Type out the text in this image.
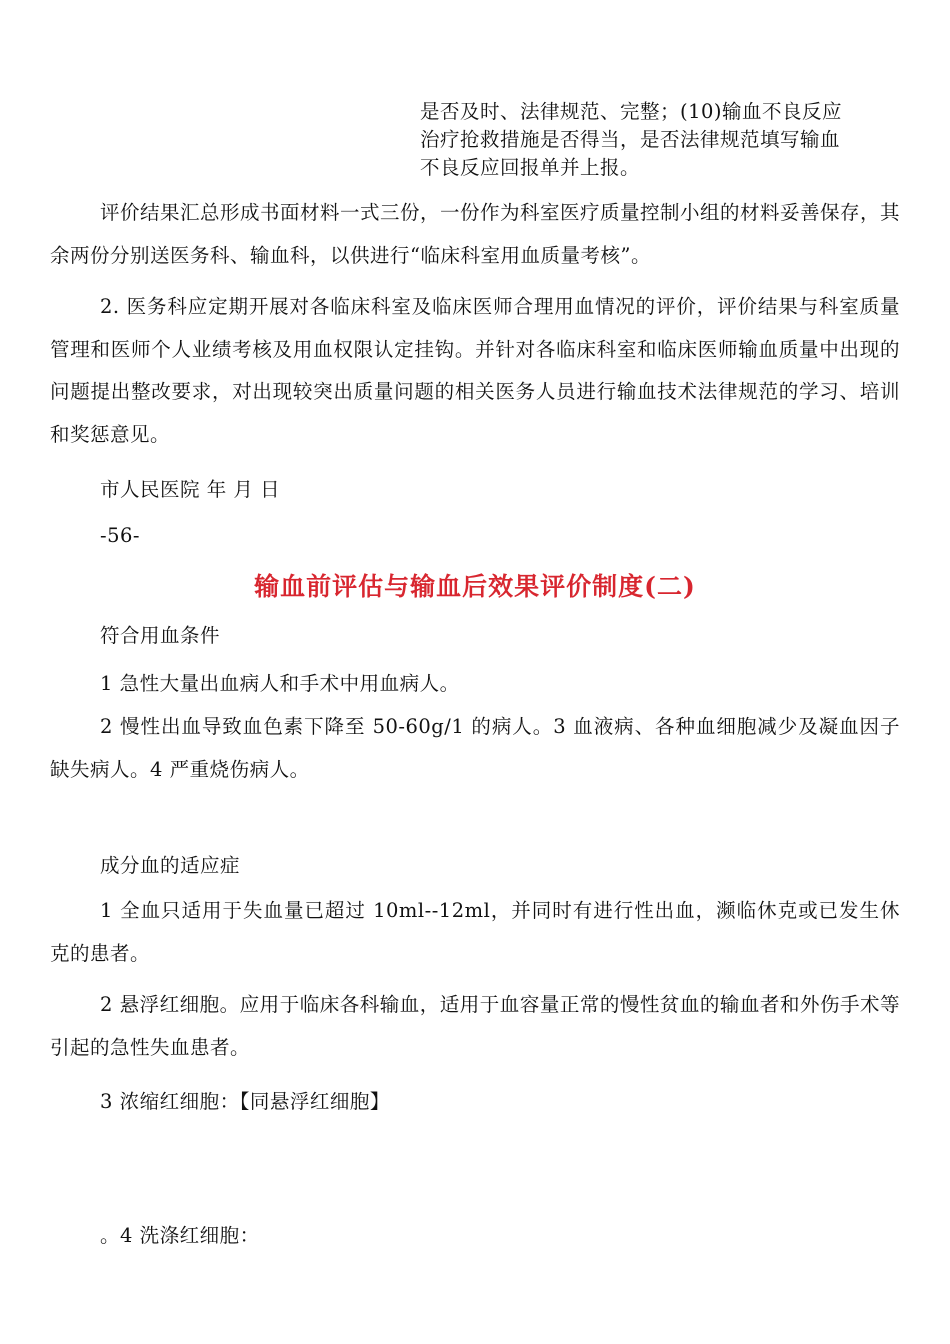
是否及时、法律规范、完整；(10)输血不良反应
治疗抢救措施是否得当，是否法律规范填写输血
不良反应回报单并上报。

评价结果汇总形成书面材料一式三份，一份作为科室医疗质量控制小组的材料妥善保存，其余两份分别送医务科、输血科，以供进行“临床科室用血质量考核”。

2. 医务科应定期开展对各临床科室及临床医师合理用血情况的评价，评价结果与科室质量管理和医师个人业绩考核及用血权限认定挂钩。并针对各临床科室和临床医师输血质量中出现的问题提出整改要求，对出现较突出质量问题的相关医务人员进行输血技术法律规范的学习、培训和奖惩意见。

市人民医院 年 月 日

-56-

输血前评估与输血后效果评价制度(二)

符合用血条件

1 急性大量出血病人和手术中用血病人。

2 慢性出血导致血色素下降至 50-60g/1 的病人。3 血液病、各种血细胞减少及凝血因子缺失病人。4 严重烧伤病人。

成分血的适应症

1 全血只适用于失血量已超过 10ml--12ml，并同时有进行性出血，濒临休克或已发生休克的患者。

2 悬浮红细胞。应用于临床各科输血，适用于血容量正常的慢性贫血的输血者和外伤手术等引起的急性失血患者。

3 浓缩红细胞：【同悬浮红细胞】

。4 洗涤红细胞：
